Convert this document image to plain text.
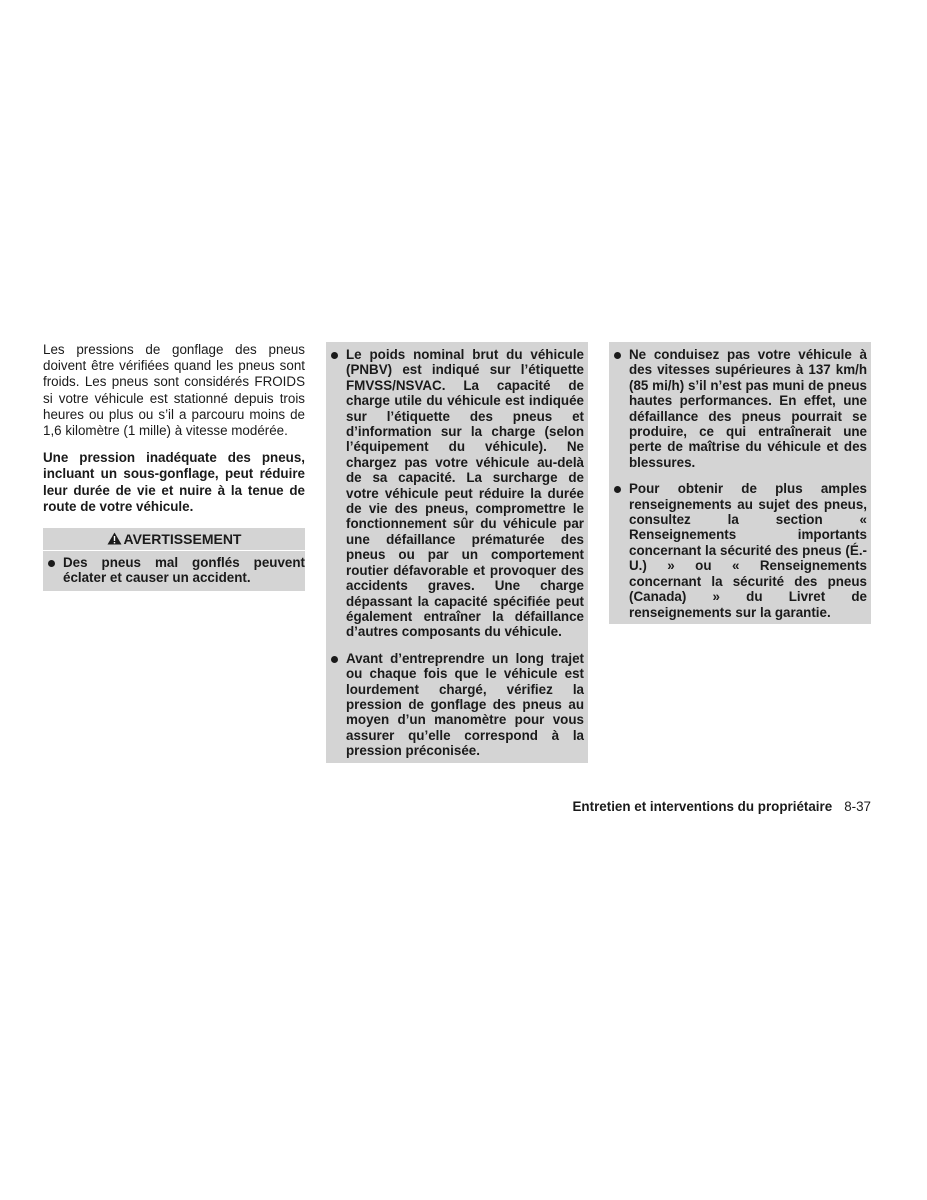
Les pressions de gonflage des pneus doivent être vérifiées quand les pneus sont froids. Les pneus sont considérés FROIDS si votre véhicule est stationné depuis trois heures ou plus ou s’il a parcouru moins de 1,6 kilomètre (1 mille) à vitesse modérée.

Une pression inadéquate des pneus, incluant un sous-gonflage, peut réduire leur durée de vie et nuire à la tenue de route de votre véhicule.

AVERTISSEMENT

Des pneus mal gonflés peuvent éclater et causer un accident.

Le poids nominal brut du véhicule (PNBV) est indiqué sur l’étiquette FMVSS/NSVAC. La capacité de charge utile du véhicule est indiquée sur l’étiquette des pneus et d’information sur la charge (selon l’équipement du véhicule). Ne chargez pas votre véhicule au-delà de sa capacité. La surcharge de votre véhicule peut réduire la durée de vie des pneus, compromettre le fonctionnement sûr du véhicule par une défaillance prématurée des pneus ou par un comportement routier défavorable et provoquer des accidents graves. Une charge dépassant la capacité spécifiée peut également entraîner la défaillance d’autres composants du véhicule.

Avant d’entreprendre un long trajet ou chaque fois que le véhicule est lourdement chargé, vérifiez la pression de gonflage des pneus au moyen d’un manomètre pour vous assurer qu’elle correspond à la pression préconisée.

Ne conduisez pas votre véhicule à des vitesses supérieures à 137 km/h (85 mi/h) s’il n’est pas muni de pneus hautes performances. En effet, une défaillance des pneus pourrait se produire, ce qui entraînerait une perte de maîtrise du véhicule et des blessures.

Pour obtenir de plus amples renseignements au sujet des pneus, consultez la section « Renseignements importants concernant la sécurité des pneus (É.-U.) » ou « Renseignements concernant la sécurité des pneus (Canada) » du Livret de renseignements sur la garantie.

Entretien et interventions du propriétaire 8-37
